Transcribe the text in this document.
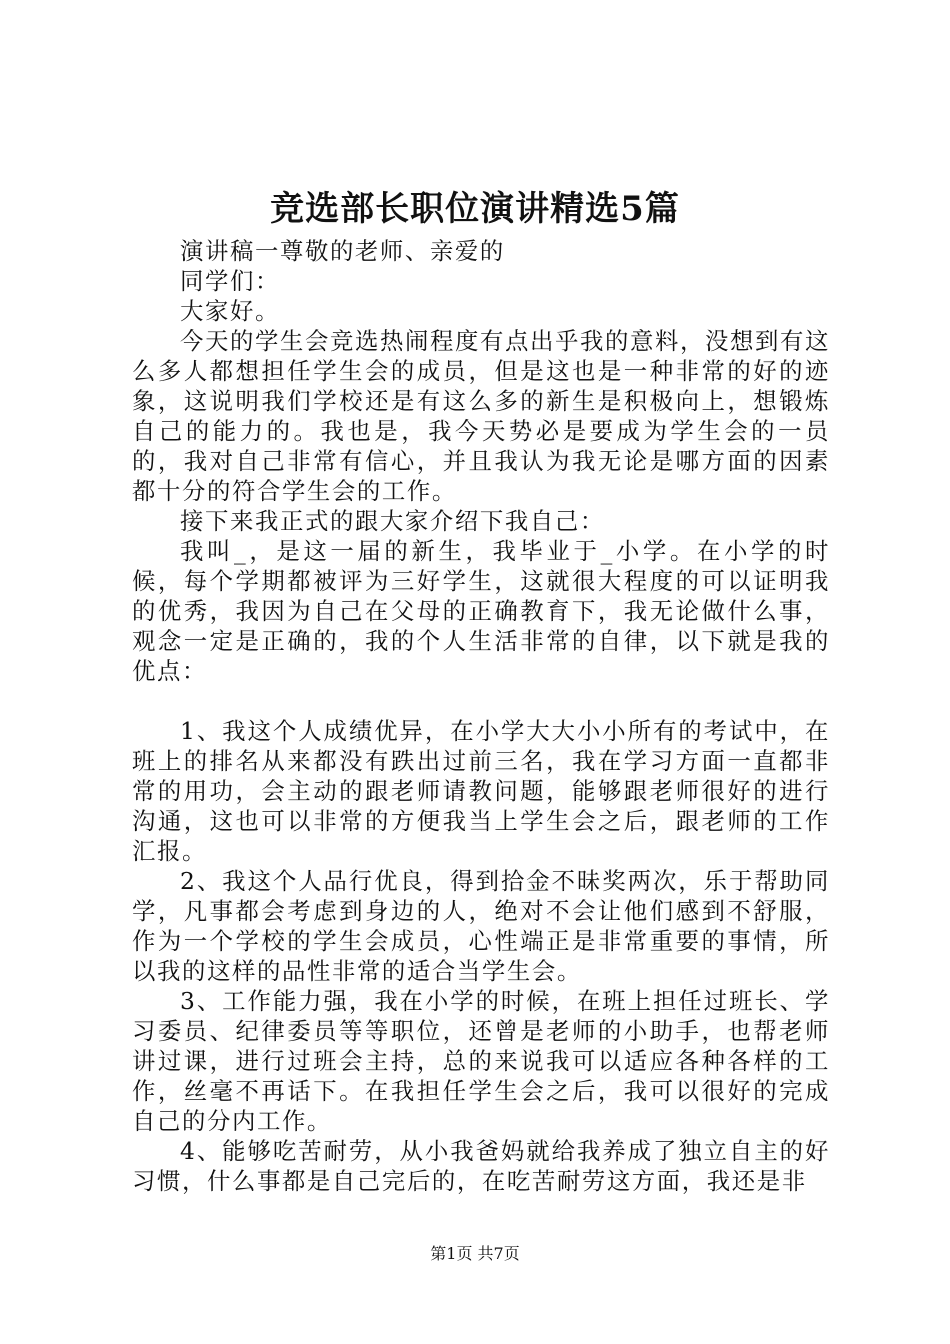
竞选部长职位演讲精选5篇

演讲稿一尊敬的老师、亲爱的

同学们：

大家好。

今天的学生会竞选热闹程度有点出乎我的意料，没想到有这么多人都想担任学生会的成员，但是这也是一种非常的好的迹象，这说明我们学校还是有这么多的新生是积极向上，想锻炼自己的能力的。我也是，我今天势必是要成为学生会的一员的，我对自己非常有信心，并且我认为我无论是哪方面的因素都十分的符合学生会的工作。

接下来我正式的跟大家介绍下我自己：

我叫_，是这一届的新生，我毕业于_小学。在小学的时候，每个学期都被评为三好学生，这就很大程度的可以证明我的优秀，我因为自己在父母的正确教育下，我无论做什么事，观念一定是正确的，我的个人生活非常的自律，以下就是我的优点：

1、我这个人成绩优异，在小学大大小小所有的考试中，在班上的排名从来都没有跌出过前三名，我在学习方面一直都非常的用功，会主动的跟老师请教问题，能够跟老师很好的进行沟通，这也可以非常的方便我当上学生会之后，跟老师的工作汇报。

2、我这个人品行优良，得到拾金不昧奖两次，乐于帮助同学，凡事都会考虑到身边的人，绝对不会让他们感到不舒服，作为一个学校的学生会成员，心性端正是非常重要的事情，所以我的这样的品性非常的适合当学生会。

3、工作能力强，我在小学的时候，在班上担任过班长、学习委员、纪律委员等等职位，还曾是老师的小助手，也帮老师讲过课，进行过班会主持，总的来说我可以适应各种各样的工作，丝毫不再话下。在我担任学生会之后，我可以很好的完成自己的分内工作。

4、能够吃苦耐劳，从小我爸妈就给我养成了独立自主的好习惯，什么事都是自己完后的，在吃苦耐劳这方面，我还是非

第1页 共7页
